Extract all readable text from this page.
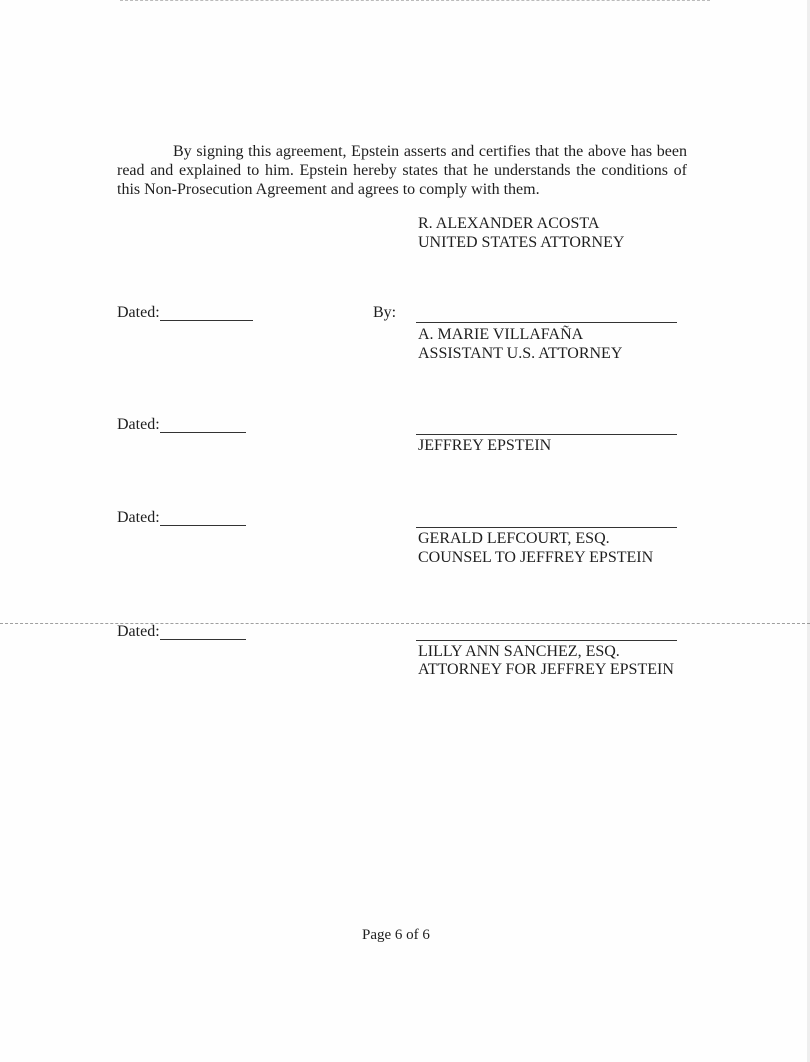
By signing this agreement, Epstein asserts and certifies that the above has been read and explained to him. Epstein hereby states that he understands the conditions of this Non-Prosecution Agreement and agrees to comply with them.

R. ALEXANDER ACOSTA
UNITED STATES ATTORNEY
Dated:	By:
A. MARIE VILLAFAÑA
ASSISTANT U.S. ATTORNEY
Dated:
JEFFREY EPSTEIN
Dated:
GERALD LEFCOURT, ESQ.
COUNSEL TO JEFFREY EPSTEIN
Dated:
LILLY ANN SANCHEZ, ESQ.
ATTORNEY FOR JEFFREY EPSTEIN
Page 6 of 6
